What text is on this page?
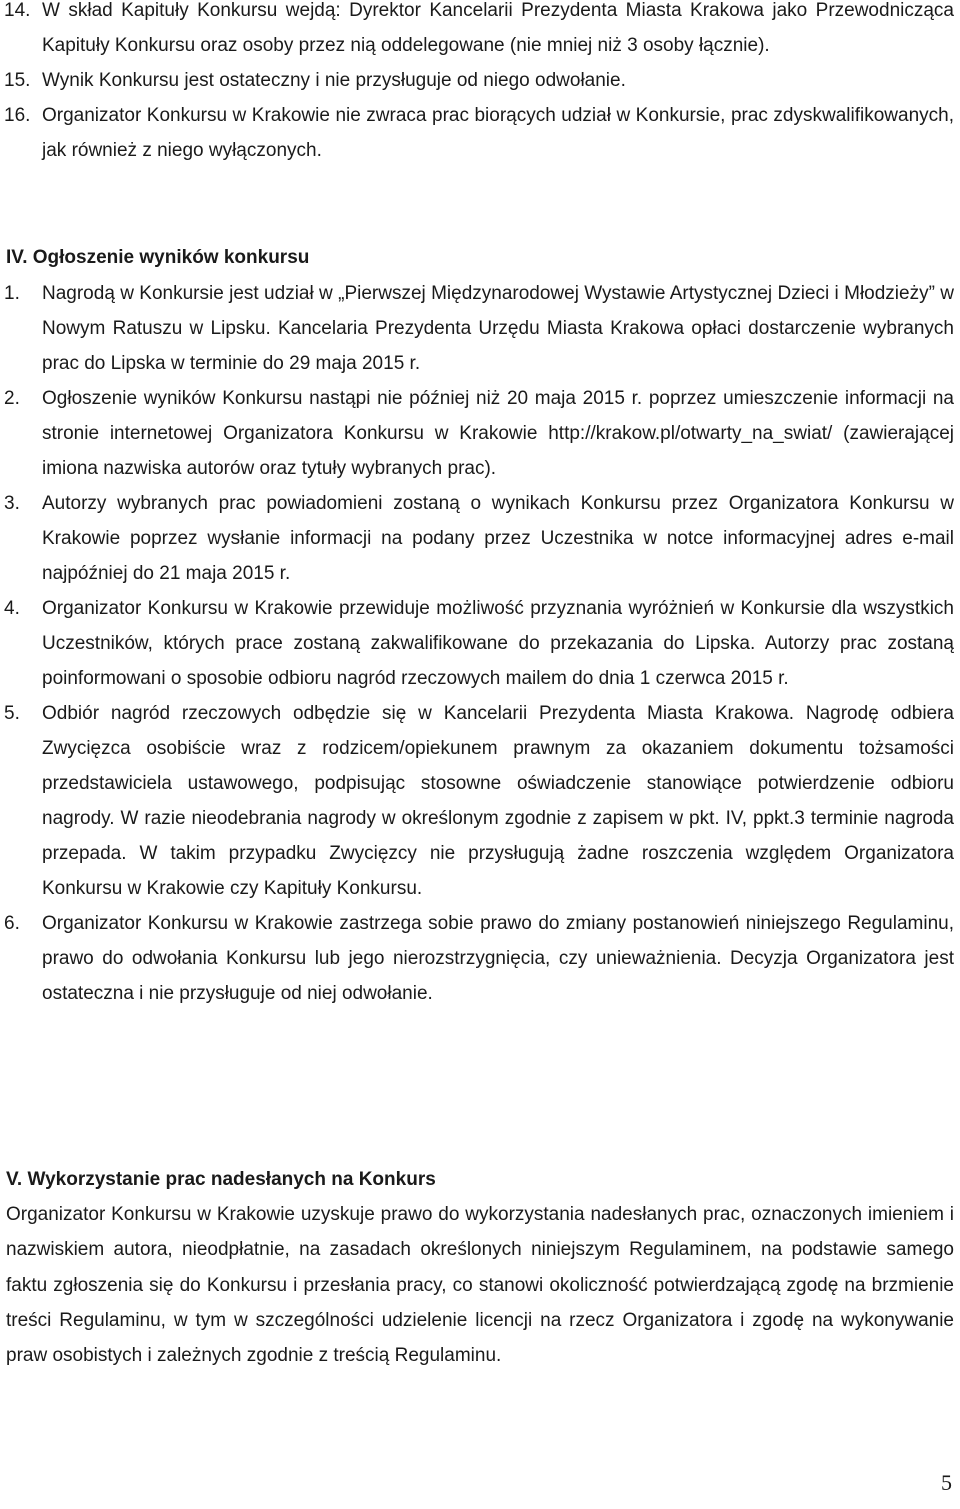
14. W skład Kapituły Konkursu wejdą: Dyrektor Kancelarii Prezydenta Miasta Krakowa jako Przewodnicząca Kapituły Konkursu oraz osoby przez nią oddelegowane (nie mniej niż 3 osoby łącznie).

15. Wynik Konkursu jest ostateczny i nie przysługuje od niego odwołanie.

16. Organizator Konkursu w Krakowie nie zwraca prac biorących udział w Konkursie, prac zdyskwalifikowanych, jak również z niego wyłączonych.

IV. Ogłoszenie wyników konkursu
1.	Nagrodą w Konkursie jest udział w „Pierwszej Międzynarodowej Wystawie Artystycznej Dzieci i Młodzieży” w Nowym Ratuszu w Lipsku. Kancelaria Prezydenta Urzędu Miasta Krakowa opłaci dostarczenie wybranych prac do Lipska w terminie do 29 maja 2015 r.

2.	Ogłoszenie wyników Konkursu nastąpi nie później niż 20 maja 2015 r. poprzez umieszczenie informacji na stronie internetowej Organizatora Konkursu w Krakowie http://krakow.pl/otwarty_na_swiat/ (zawierającej imiona nazwiska autorów oraz tytuły wybranych prac).

3.	Autorzy wybranych prac powiadomieni zostaną o wynikach Konkursu przez Organizatora Konkursu w Krakowie poprzez wysłanie informacji na podany przez Uczestnika w notce informacyjnej adres e-mail najpóźniej do 21 maja 2015 r.

4.	Organizator Konkursu w Krakowie przewiduje możliwość przyznania wyróżnień w Konkursie dla wszystkich Uczestników, których prace zostaną zakwalifikowane do przekazania do Lipska. Autorzy prac zostaną poinformowani o sposobie odbioru nagród rzeczowych mailem do dnia 1 czerwca 2015 r.

5.	Odbiór nagród rzeczowych odbędzie się w Kancelarii Prezydenta Miasta Krakowa. Nagrodę odbiera Zwycięzca osobiście wraz z rodzicem/opiekunem prawnym za okazaniem dokumentu tożsamości przedstawiciela ustawowego, podpisując stosowne oświadczenie stanowiące potwierdzenie odbioru nagrody. W razie nieodebrania nagrody w określonym zgodnie z zapisem w pkt. IV, ppkt.3 terminie nagroda przepada. W takim przypadku Zwycięzcy nie przysługują żadne roszczenia względem Organizatora Konkursu w Krakowie czy Kapituły Konkursu.

6.	Organizator Konkursu w Krakowie zastrzega sobie prawo do zmiany postanowień niniejszego Regulaminu, prawo do odwołania Konkursu lub jego nierozstrzygnięcia, czy unieważnienia. Decyzja Organizatora jest ostateczna i nie przysługuje od niej odwołanie.

V. Wykorzystanie prac nadesłanych na Konkurs

Organizator Konkursu w Krakowie uzyskuje prawo do wykorzystania nadesłanych prac, oznaczonych imieniem i nazwiskiem autora, nieodpłatnie, na zasadach określonych niniejszym Regulaminem, na podstawie samego faktu zgłoszenia się do Konkursu i przesłania pracy, co stanowi okoliczność potwierdzającą zgodę na brzmienie treści Regulaminu, w tym w szczególności udzielenie licencji na rzecz Organizatora i zgodę na wykonywanie praw osobistych i zależnych zgodnie z treścią Regulaminu.

5
